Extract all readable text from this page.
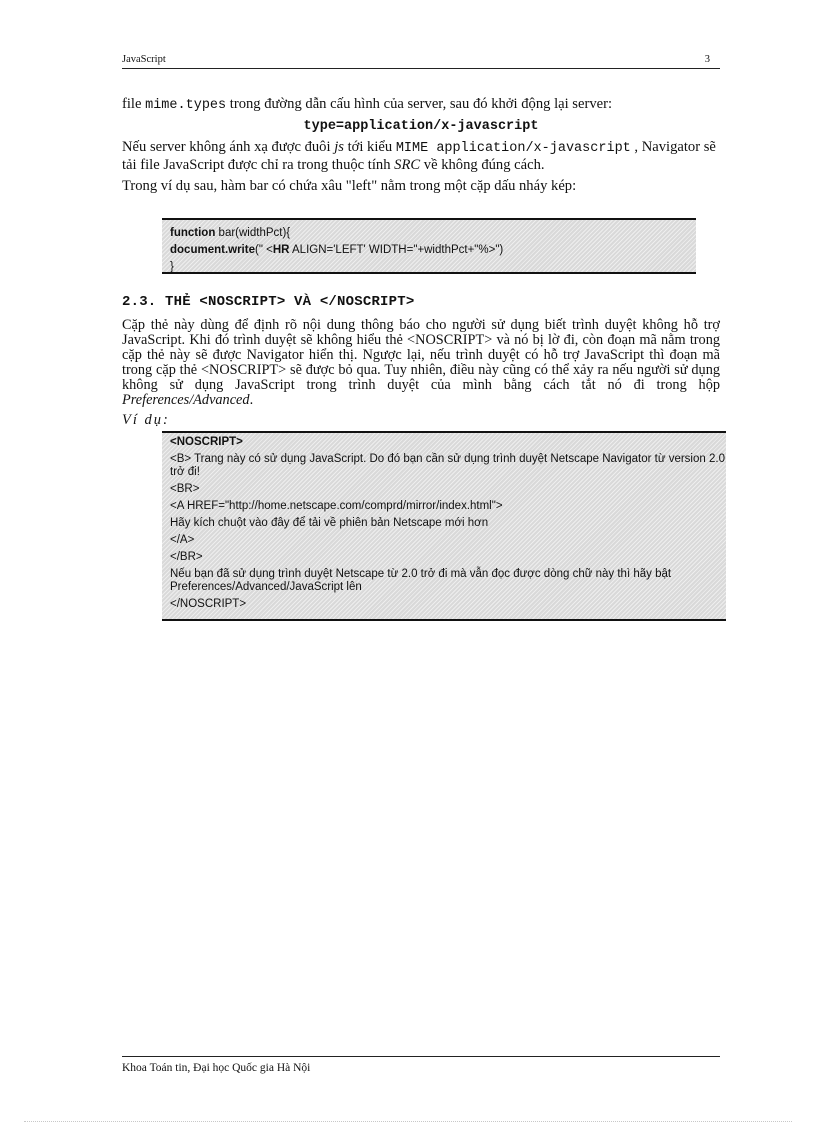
JavaScript	3
file mime.types trong đường dẫn cấu hình của server, sau đó khởi động lại server:
type=application/x-javascript
Nếu server không ánh xạ được đuôi js tới kiểu MIME application/x-javascript , Navigator sẽ tải file JavaScript được chỉ ra trong thuộc tính SRC về không đúng cách.
Trong ví dụ sau, hàm bar có chứa xâu "left" nằm trong một cặp dấu nháy kép:
function bar(widthPct){
document.write(" <HR ALIGN='LEFT' WIDTH="+widthPct+"%>")
}
2.3. THẺ <NOSCRIPT> VÀ </NOSCRIPT>
Cặp thẻ này dùng để định rõ nội dung thông báo cho người sử dụng biết trình duyệt không hỗ trợ JavaScript. Khi đó trình duyệt sẽ không hiểu thẻ <NOSCRIPT> và nó bị lờ đi, còn đoạn mã nằm trong cặp thẻ này sẽ được Navigator hiển thị. Ngược lại, nếu trình duyệt có hỗ trợ JavaScript thì đoạn mã trong cặp thẻ <NOSCRIPT> sẽ được bỏ qua. Tuy nhiên, điều này cũng có thể xảy ra nếu người sử dụng không sử dụng JavaScript trong trình duyệt của mình bằng cách tắt nó đi trong hộp Preferences/Advanced.
Ví dụ:
<NOSCRIPT>
<B> Trang này có sử dụng JavaScript. Do đó bạn cần sử dụng trình duyệt Netscape Navigator từ version 2.0 trở đi!
<BR>
<A HREF="http://home.netscape.com/comprd/mirror/index.html">
Hãy kích chuột vào đây để tải về phiên bản Netscape mới hơn
</A>
</BR>
Nếu bạn đã sử dụng trình duyệt Netscape từ 2.0 trở đi mà vẫn đọc được dòng chữ này thì hãy bật Preferences/Advanced/JavaScript lên
</NOSCRIPT>
Khoa Toán tin, Đại học Quốc gia Hà Nội
